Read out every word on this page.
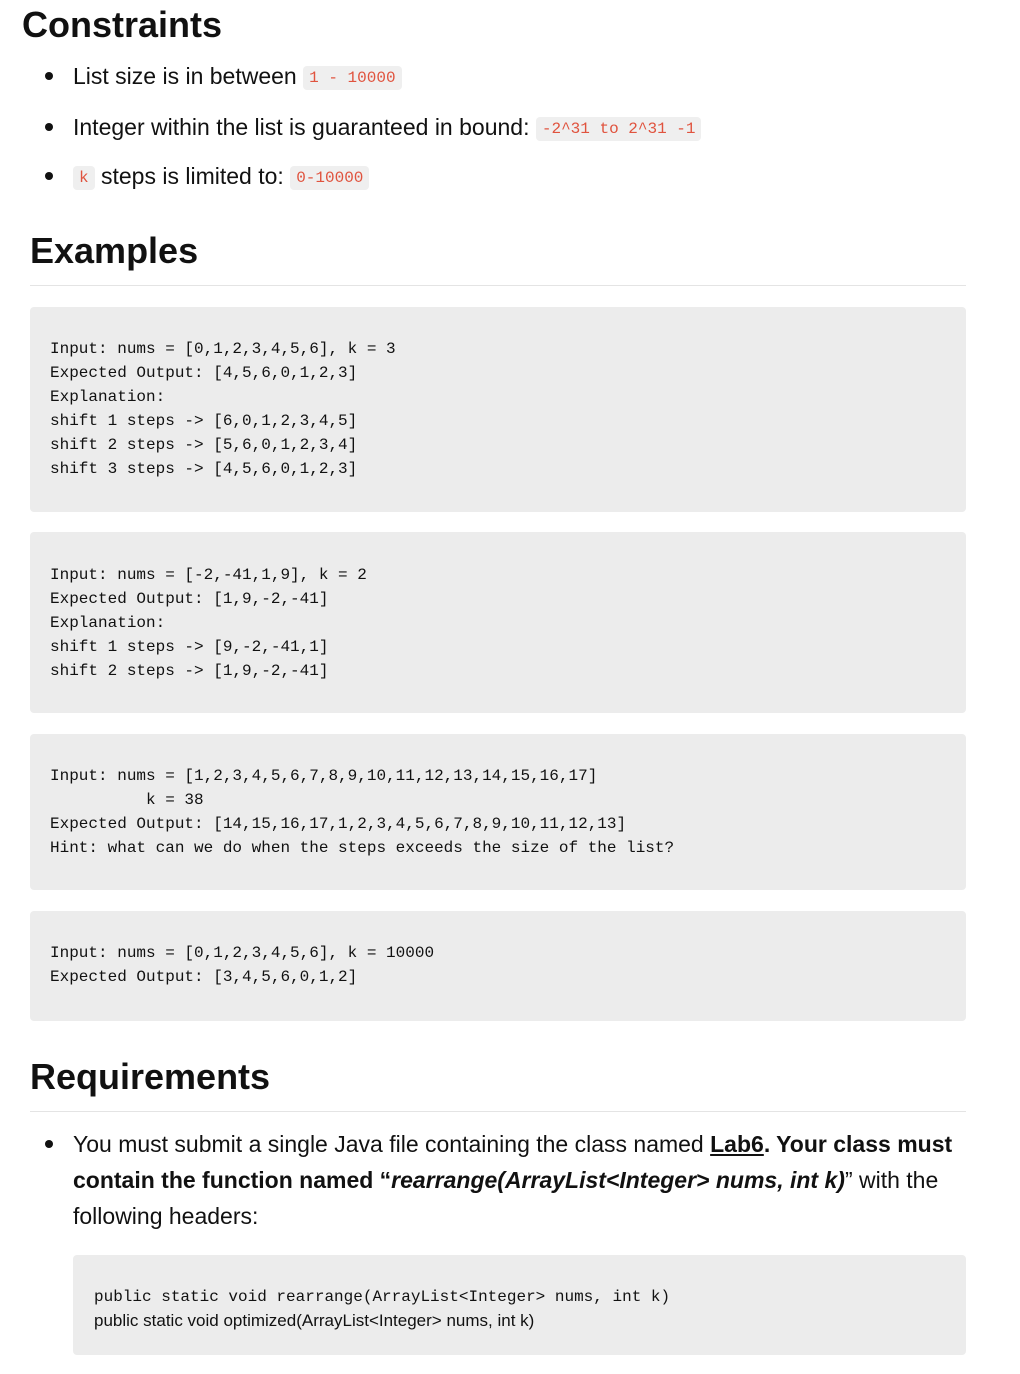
Constraints

List size is in between 1 - 10000

Integer within the list is guaranteed in bound: -2^31 to 2^31 -1

k steps is limited to: 0-10000

Examples
Input: nums = [0,1,2,3,4,5,6], k = 3
Expected Output: [4,5,6,0,1,2,3]
Explanation:
shift 1 steps -> [6,0,1,2,3,4,5]
shift 2 steps -> [5,6,0,1,2,3,4]
shift 3 steps -> [4,5,6,0,1,2,3]
Input: nums = [-2,-41,1,9], k = 2
Expected Output: [1,9,-2,-41]
Explanation:
shift 1 steps -> [9,-2,-41,1]
shift 2 steps -> [1,9,-2,-41]
Input: nums = [1,2,3,4,5,6,7,8,9,10,11,12,13,14,15,16,17]
k = 38
Expected Output: [14,15,16,17,1,2,3,4,5,6,7,8,9,10,11,12,13]
Hint: what can we do when the steps exceeds the size of the list?
Input: nums = [0,1,2,3,4,5,6], k = 10000
Expected Output: [3,4,5,6,0,1,2]
Requirements

You must submit a single Java file containing the class named Lab6. Your class must contain the function named “rearrange(ArrayList<Integer> nums, int k)” with the following headers:

public static void rearrange(ArrayList<Integer> nums, int k)
public static void optimized(ArrayList<Integer> nums, int k)
